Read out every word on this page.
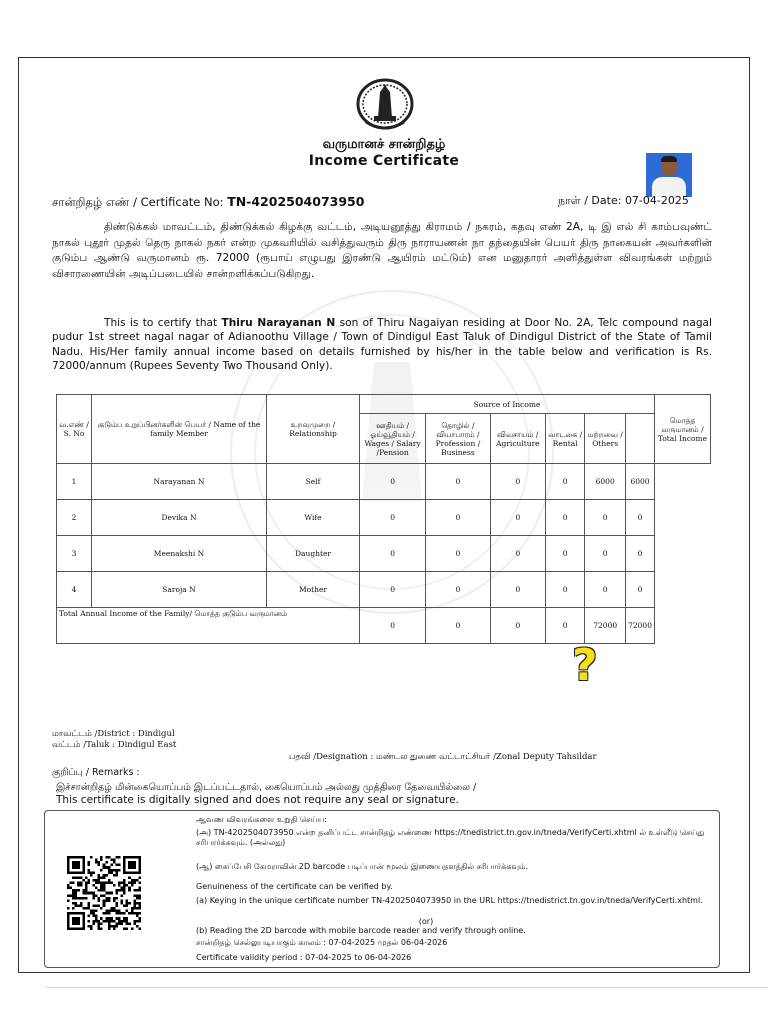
வருமானச் சான்றிதழ்
Income Certificate
சான்றிதழ் எண் / Certificate No: TN-4202504073950	நாள் / Date: 07-04-2025
திண்டுக்கல் மாவட்டம், திண்டுக்கல் கிழக்கு வட்டம், அடியனூத்து கிராமம் / நகரம், கதவு எண் 2A, டி இ எல் சி காம்பவுண்ட் நாகல் புதூர் முதல் தெரு நாகல் நகர் என்ற முகவரியில் வசித்துவரும் திரு நாராயணன் நா தந்தையின் பெயர் திரு நாகையன் அவர்களின் குடும்ப ஆண்டு வருமானம் ரூ. 72000 (ரூபாய் எழுபது இரண்டு ஆயிரம் மட்டும்) என மனுதாரர் அளித்துள்ள விவரங்கள் மற்றும் விசாரணையின் அடிப்படையில் சான்றளிக்கப்படுகிறது.
This is to certify that Thiru Narayanan N son of Thiru Nagaiyan residing at Door No. 2A, Telc compound nagal pudur 1st street nagal nagar of Adianoothu Village / Town of Dindigul East Taluk of Dindigul District of the State of Tamil Nadu. His/Her family annual income based on details furnished by his/her in the table below and verification is Rs. 72000/annum (Rupees Seventy Two Thousand Only).
வ.எண் / S. No	குடும்ப உறுப்பினர்களின் பெயர் / Name of the family Member	உறவுமுறை / Relationship	Source of Income						மொத்த வருமானம் / Total Income
			ஊதியம் / ஓய்வூதியம் / Wages / Salary /Pension	தொழில் / வியாபாரம் / Profession / Business	விவசாயம் / Agriculture	வாடகை / Rental	மற்றவை / Others		
1	Narayanan N	Self	0	0	0	0	6000	6000	
2	Devika N	Wife	0	0	0	0	0	0	
3	Meenakshi N	Daughter	0	0	0	0	0	0	
4	Saroja N	Mother	0	0	0	0	0	0	
Total Annual Income of the Family/ மொத்த குடும்ப வருமானம்			0	0	0	0	72000	72000	
?
மாவட்டம் /District : Dindigul
வட்டம் /Taluk : Dindigul East
பதவி /Designation : மண்டல துணை வட்டாட்சியர் /Zonal Deputy Tahsildar
குறிப்பு / Remarks :
இச்சான்றிதழ் மின்கையொப்பம் இடப்பட்டதால், கையொப்பம் அல்லது முத்திரை தேவையில்லை /
This certificate is digitally signed and does not require any seal or signature.
ஆவண விவரங்களை உறுதி செய்ய:
(அ) TN-4202504073950 என்ற தனிப்பட்ட சான்றிதழ் எண்ணை https://tnedistrict.tn.gov.in/tneda/VerifyCerti.xhtml ல் உள்ளீடு செய்து சரிபார்க்கவும். (அல்லது)
(ஆ) கைப்பேசி கேமராவின் 2D barcode படிப்பான் மூலம் இணையதளத்தில் சரிபார்க்கவும்.
Genuineness of the certificate can be verified by.
(a) Keying in the unique certificate number TN-4202504073950 in the URL https://tnedistrict.tn.gov.in/tneda/VerifyCerti.xhtml.
(or)
(b) Reading the 2D barcode with mobile barcode reader and verify through online.
சான்றிதழ் செல்லுபடியாகும் காலம் : 07-04-2025 முதல் 06-04-2026
Certificate validity period : 07-04-2025 to 06-04-2026
